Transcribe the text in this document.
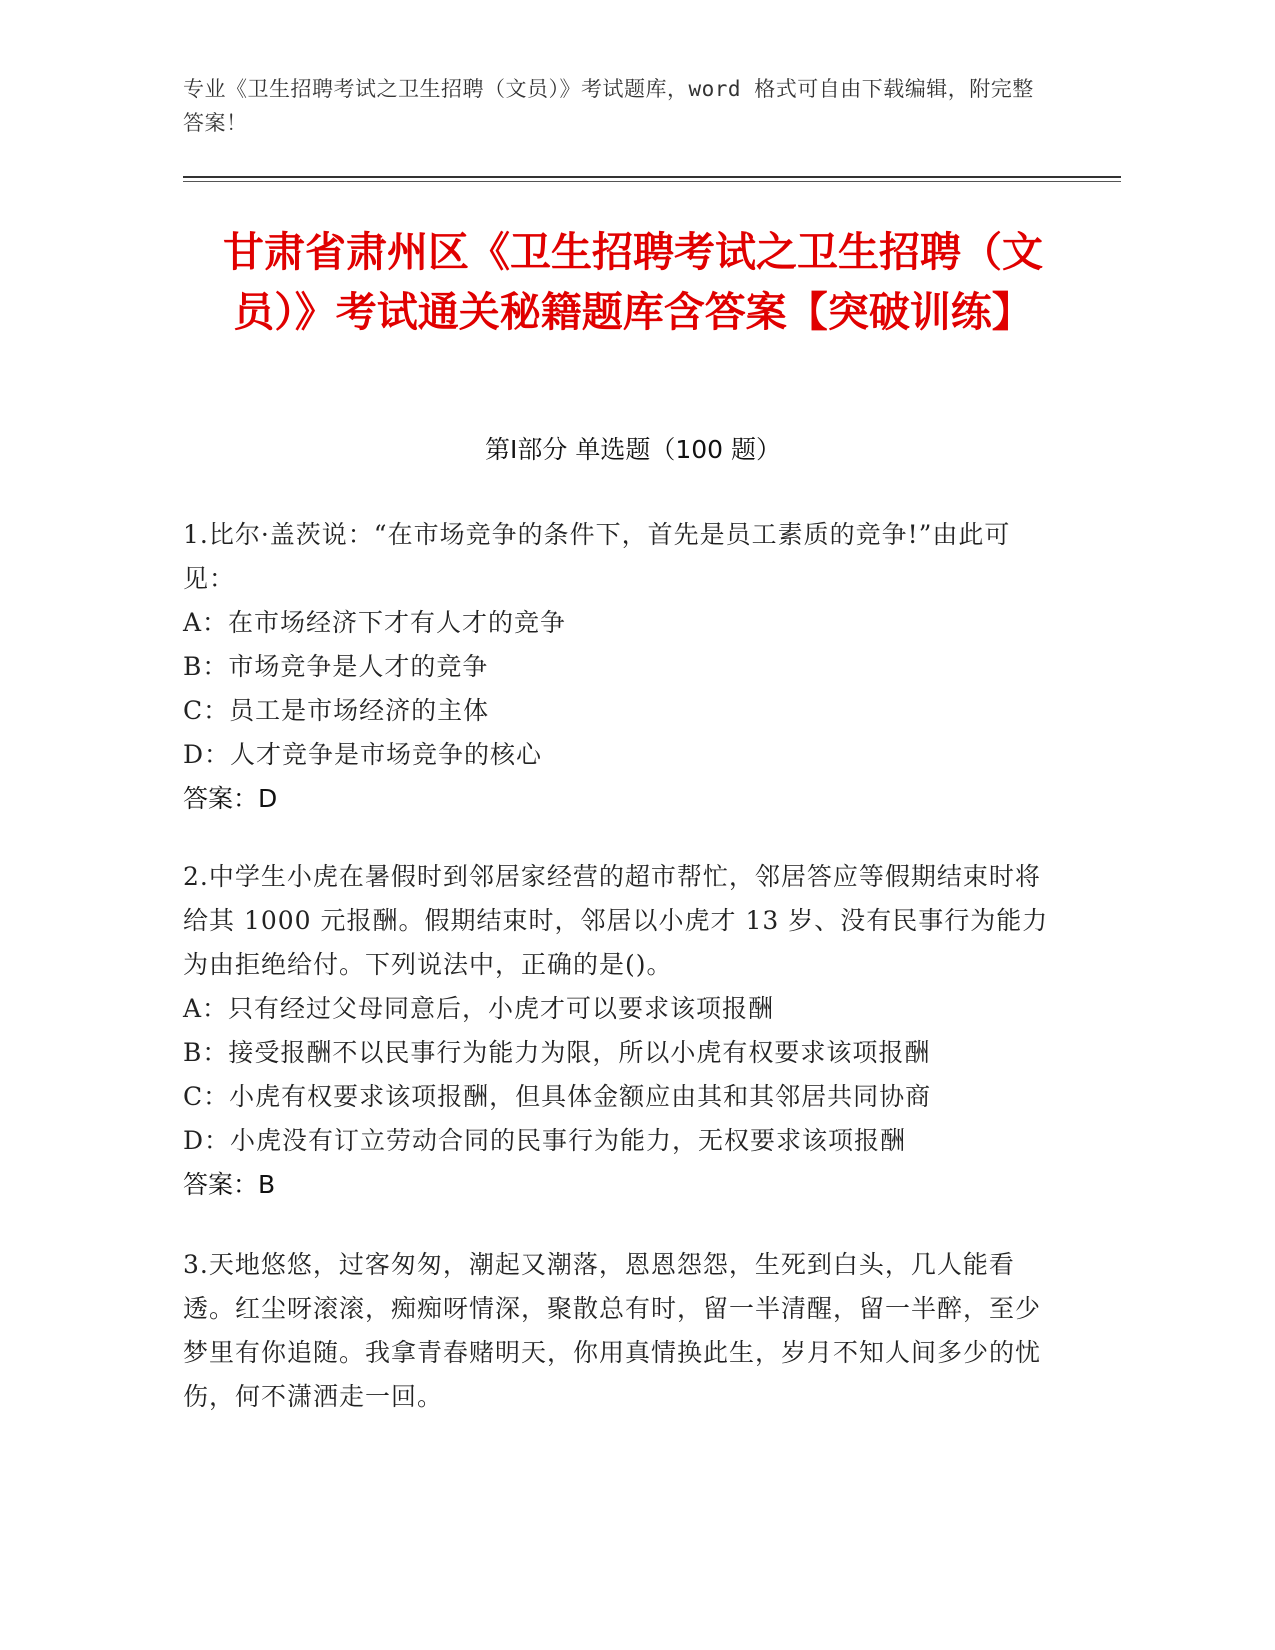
专业《卫生招聘考试之卫生招聘（文员）》考试题库，word 格式可自由下载编辑，附完整答案！
甘肃省肃州区《卫生招聘考试之卫生招聘（文员）》考试通关秘籍题库含答案【突破训练】
第Ⅰ部分 单选题（100 题）
1.比尔·盖茨说：“在市场竞争的条件下，首先是员工素质的竞争!”由此可见：
A：在市场经济下才有人才的竞争
B：市场竞争是人才的竞争
C：员工是市场经济的主体
D：人才竞争是市场竞争的核心
答案：D
2.中学生小虎在暑假时到邻居家经营的超市帮忙，邻居答应等假期结束时将给其 1000 元报酬。假期结束时，邻居以小虎才 13 岁、没有民事行为能力为由拒绝给付。下列说法中，正确的是()。
A：只有经过父母同意后，小虎才可以要求该项报酬
B：接受报酬不以民事行为能力为限，所以小虎有权要求该项报酬
C：小虎有权要求该项报酬，但具体金额应由其和其邻居共同协商
D：小虎没有订立劳动合同的民事行为能力，无权要求该项报酬
答案：B
3.天地悠悠，过客匆匆，潮起又潮落，恩恩怨怨，生死到白头，几人能看透。红尘呀滚滚，痴痴呀情深，聚散总有时，留一半清醒，留一半醉，至少梦里有你追随。我拿青春赌明天，你用真情换此生，岁月不知人间多少的忧伤，何不潇洒走一回。
